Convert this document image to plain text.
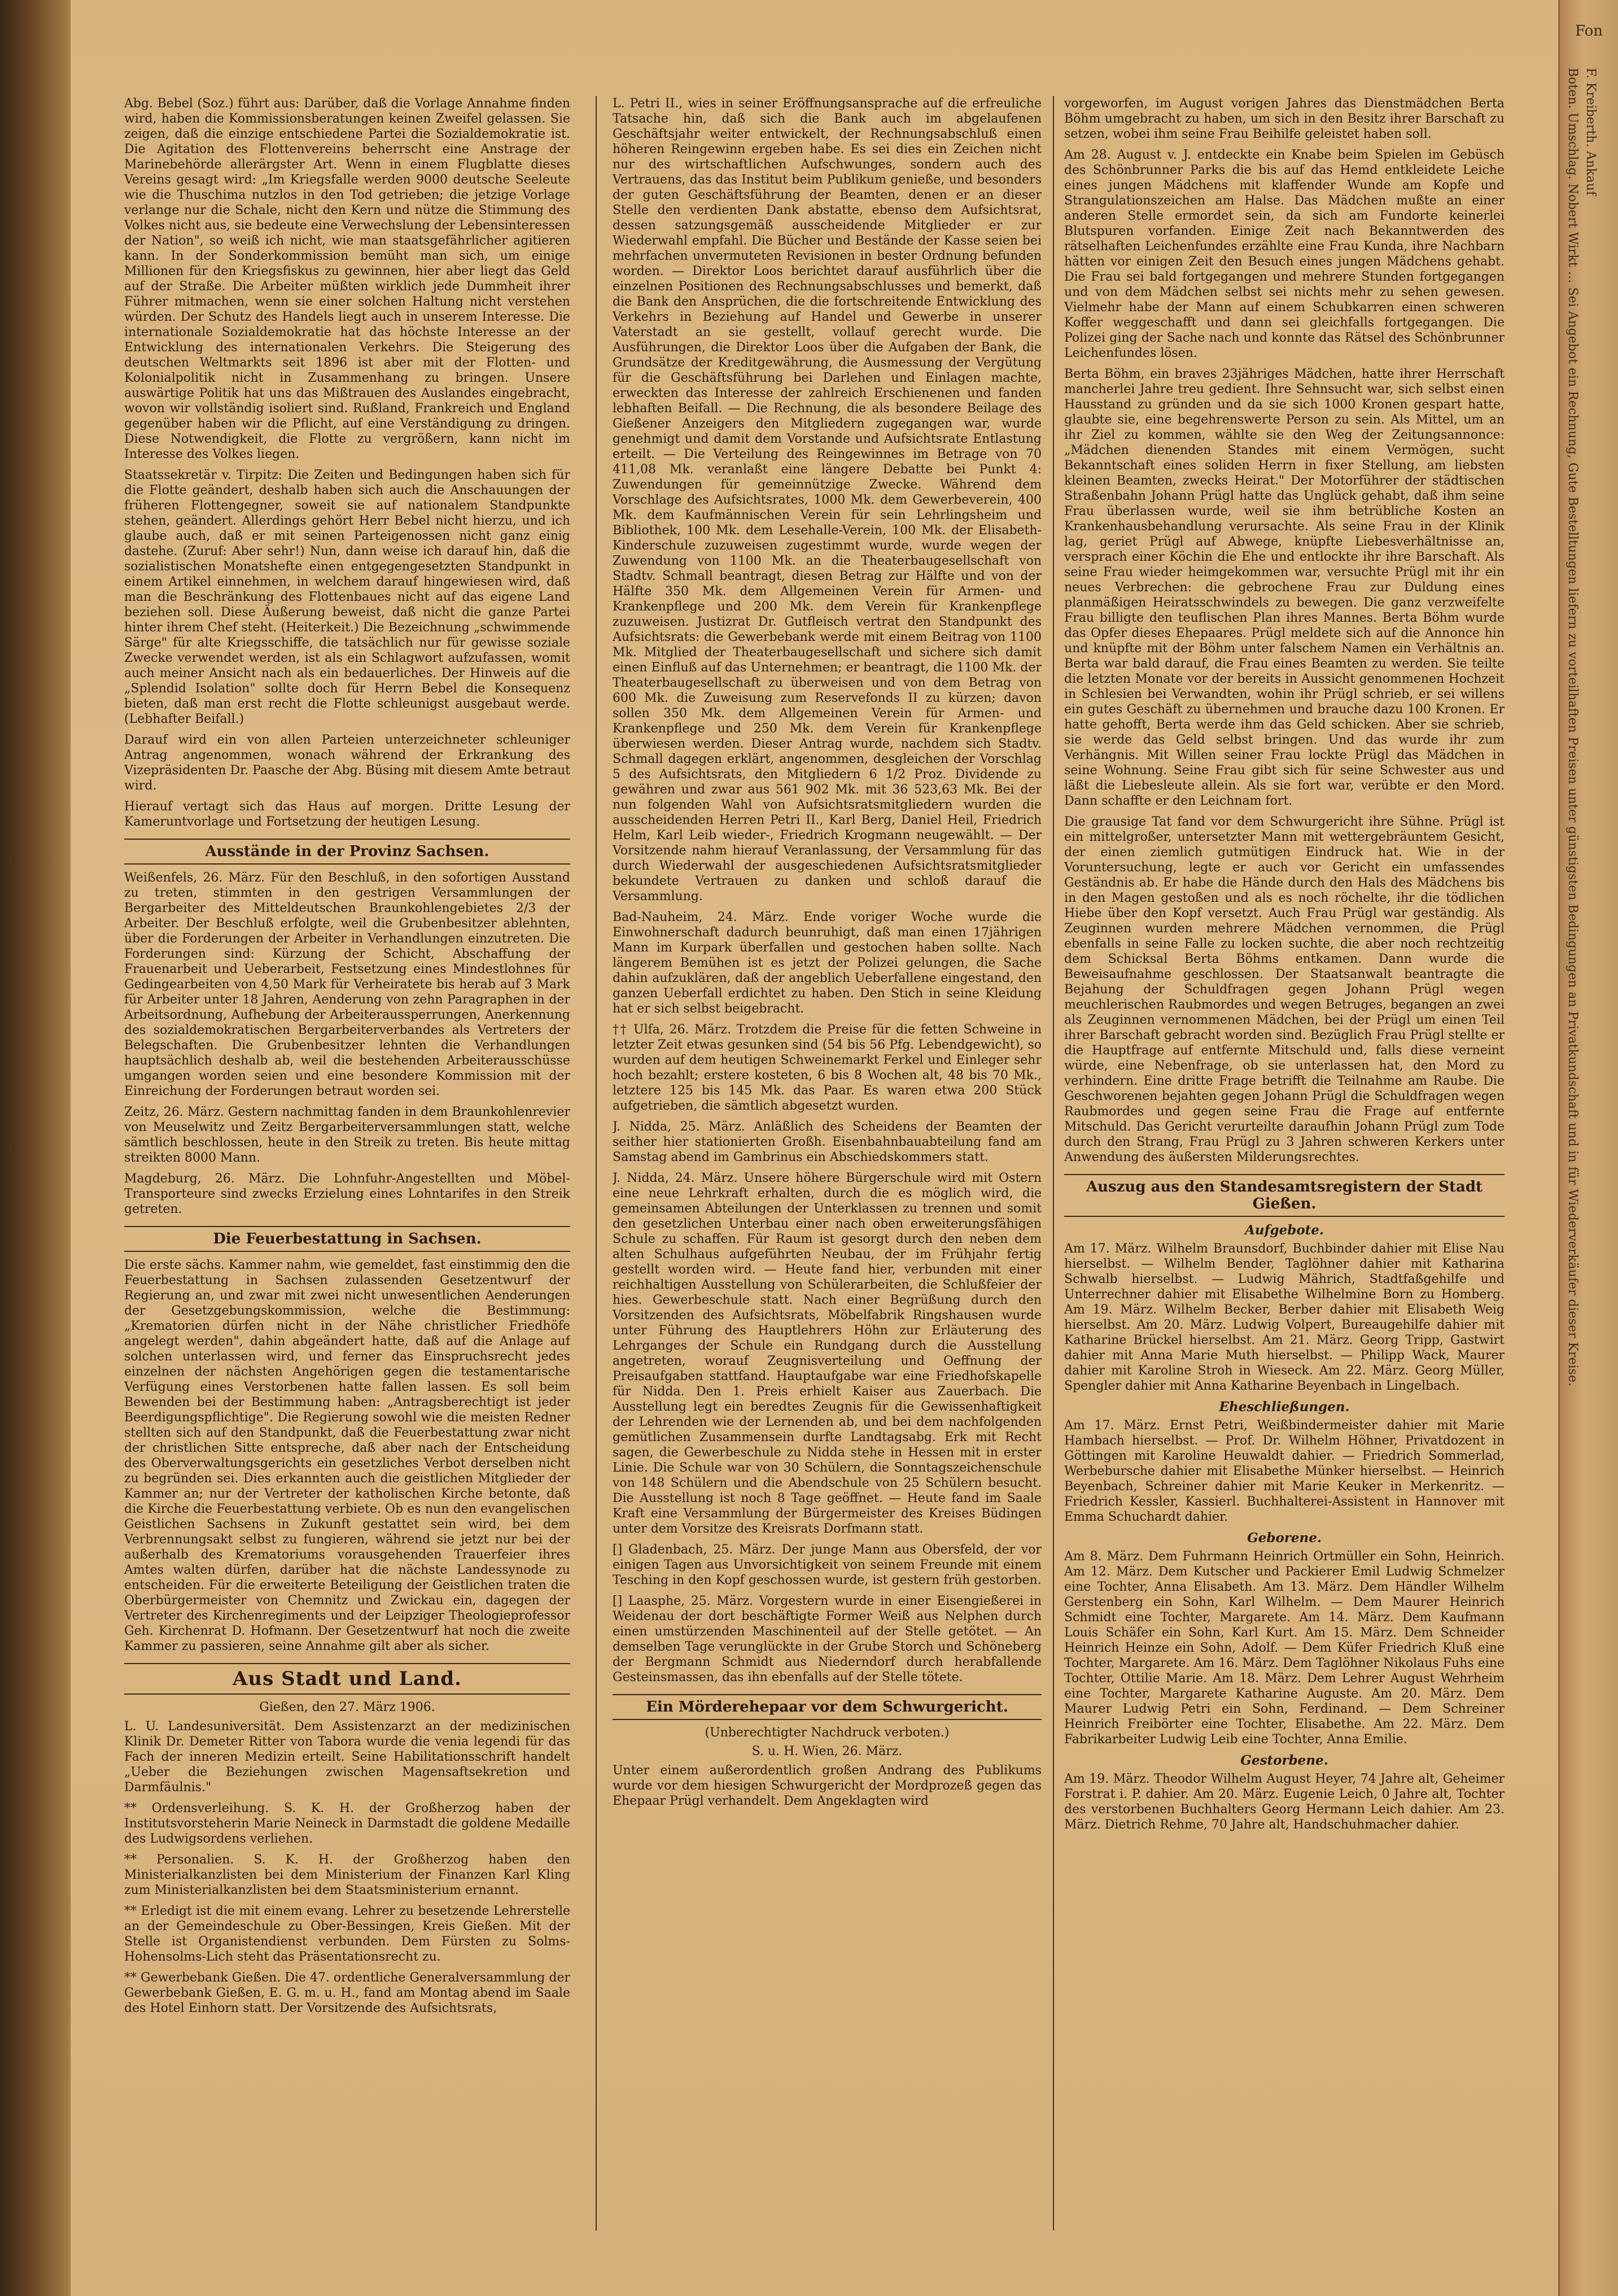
Boten. Umschlag. Nobert Wirkt … Sei Angebot ein Rechnung, Gute Bestelltungen liefern zu vorteilhaften Preisen unter günstigsten Bedingungen an Privatkundschaft und in für Wiederverkäufer dieser Kreise. F. Kreiberth. Ankauf
Fon

Abg. Bebel (Soz.) führt aus: Darüber, daß die Vorlage Annahme finden wird, haben die Kommissionsberatungen keinen Zweifel gelassen. Sie zeigen, daß die einzige entschiedene Partei die Sozialdemokratie ist. Die Agitation des Flottenvereins beherrscht eine Anstrage der Marinebehörde allerärgster Art. Wenn in einem Flugblatte dieses Vereins gesagt wird: „Im Kriegsfalle werden 9000 deutsche Seeleute wie die Thuschima nutzlos in den Tod getrieben; die jetzige Vorlage verlange nur die Schale, nicht den Kern und nütze die Stimmung des Volkes nicht aus, sie bedeute eine Verwechslung der Lebensinteressen der Nation", so weiß ich nicht, wie man staatsgefährlicher agitieren kann. In der Sonderkommission bemüht man sich, um einige Millionen für den Kriegsfiskus zu gewinnen, hier aber liegt das Geld auf der Straße. Die Arbeiter müßten wirklich jede Dummheit ihrer Führer mitmachen, wenn sie einer solchen Haltung nicht verstehen würden. Der Schutz des Handels liegt auch in unserem Interesse. Die internationale Sozialdemokratie hat das höchste Interesse an der Entwicklung des internationalen Verkehrs. Die Steigerung des deutschen Weltmarkts seit 1896 ist aber mit der Flotten- und Kolonialpolitik nicht in Zusammenhang zu bringen. Unsere auswärtige Politik hat uns das Mißtrauen des Auslandes eingebracht, wovon wir vollständig isoliert sind. Rußland, Frankreich und England gegenüber haben wir die Pflicht, auf eine Verständigung zu dringen. Diese Notwendigkeit, die Flotte zu vergrößern, kann nicht im Interesse des Volkes liegen.

Staatssekretär v. Tirpitz: Die Zeiten und Bedingungen haben sich für die Flotte geändert, deshalb haben sich auch die Anschauungen der früheren Flottengegner, soweit sie auf nationalem Standpunkte stehen, geändert. Allerdings gehört Herr Bebel nicht hierzu, und ich glaube auch, daß er mit seinen Parteigenossen nicht ganz einig dastehe. (Zuruf: Aber sehr!) Nun, dann weise ich darauf hin, daß die sozialistischen Monatshefte einen entgegengesetzten Standpunkt in einem Artikel einnehmen, in welchem darauf hingewiesen wird, daß man die Beschränkung des Flottenbaues nicht auf das eigene Land beziehen soll. Diese Äußerung beweist, daß nicht die ganze Partei hinter ihrem Chef steht. (Heiterkeit.) Die Bezeichnung „schwimmende Särge" für alte Kriegsschiffe, die tatsächlich nur für gewisse soziale Zwecke verwendet werden, ist als ein Schlagwort aufzufassen, womit auch meiner Ansicht nach als ein bedauerliches. Der Hinweis auf die „Splendid Isolation" sollte doch für Herrn Bebel die Konsequenz bieten, daß man erst recht die Flotte schleunigst ausgebaut werde. (Lebhafter Beifall.)

Darauf wird ein von allen Parteien unterzeichneter schleuniger Antrag angenommen, wonach während der Erkrankung des Vizepräsidenten Dr. Paasche der Abg. Büsing mit diesem Amte betraut wird.

Hierauf vertagt sich das Haus auf morgen. Dritte Lesung der Kameruntvorlage und Fortsetzung der heutigen Lesung.

Ausstände in der Provinz Sachsen.

Weißenfels, 26. März. Für den Beschluß, in den sofortigen Ausstand zu treten, stimmten in den gestrigen Versammlungen der Bergarbeiter des Mitteldeutschen Braunkohlengebietes 2/3 der Arbeiter. Der Beschluß erfolgte, weil die Grubenbesitzer ablehnten, über die Forderungen der Arbeiter in Verhandlungen einzutreten. Die Forderungen sind: Kürzung der Schicht, Abschaffung der Frauenarbeit und Ueberarbeit, Festsetzung eines Mindestlohnes für Gedingearbeiten von 4,50 Mark für Verheiratete bis herab auf 3 Mark für Arbeiter unter 18 Jahren, Aenderung von zehn Paragraphen in der Arbeitsordnung, Aufhebung der Arbeiteraussperrungen, Anerkennung des sozialdemokratischen Bergarbeiterverbandes als Vertreters der Belegschaften. Die Grubenbesitzer lehnten die Verhandlungen hauptsächlich deshalb ab, weil die bestehenden Arbeiterausschüsse umgangen worden seien und eine besondere Kommission mit der Einreichung der Forderungen betraut worden sei.

Zeitz, 26. März. Gestern nachmittag fanden in dem Braunkohlenrevier von Meuselwitz und Zeitz Bergarbeiterversammlungen statt, welche sämtlich beschlossen, heute in den Streik zu treten. Bis heute mittag streikten 8000 Mann.

Magdeburg, 26. März. Die Lohnfuhr-Angestellten und Möbel-Transporteure sind zwecks Erzielung eines Lohntarifes in den Streik getreten.

Die Feuerbestattung in Sachsen.

Die erste sächs. Kammer nahm, wie gemeldet, fast einstimmig den die Feuerbestattung in Sachsen zulassenden Gesetzentwurf der Regierung an, und zwar mit zwei nicht unwesentlichen Aenderungen der Gesetzgebungskommission, welche die Bestimmung: „Krematorien dürfen nicht in der Nähe christlicher Friedhöfe angelegt werden", dahin abgeändert hatte, daß auf die Anlage auf solchen unterlassen wird, und ferner das Einspruchsrecht jedes einzelnen der nächsten Angehörigen gegen die testamentarische Verfügung eines Verstorbenen hatte fallen lassen. Es soll beim Bewenden bei der Bestimmung haben: „Antragsberechtigt ist jeder Beerdigungspflichtige". Die Regierung sowohl wie die meisten Redner stellten sich auf den Standpunkt, daß die Feuerbestattung zwar nicht der christlichen Sitte entspreche, daß aber nach der Entscheidung des Oberverwaltungsgerichts ein gesetzliches Verbot derselben nicht zu begründen sei. Dies erkannten auch die geistlichen Mitglieder der Kammer an; nur der Vertreter der katholischen Kirche betonte, daß die Kirche die Feuerbestattung verbiete. Ob es nun den evangelischen Geistlichen Sachsens in Zukunft gestattet sein wird, bei dem Verbrennungsakt selbst zu fungieren, während sie jetzt nur bei der außerhalb des Krematoriums vorausgehenden Trauerfeier ihres Amtes walten dürfen, darüber hat die nächste Landessynode zu entscheiden. Für die erweiterte Beteiligung der Geistlichen traten die Oberbürgermeister von Chemnitz und Zwickau ein, dagegen der Vertreter des Kirchenregiments und der Leipziger Theologieprofessor Geh. Kirchenrat D. Hofmann. Der Gesetzentwurf hat noch die zweite Kammer zu passieren, seine Annahme gilt aber als sicher.

Aus Stadt und Land.
Gießen, den 27. März 1906.

L. U. Landesuniversität. Dem Assistenzarzt an der medizinischen Klinik Dr. Demeter Ritter von Tabora wurde die venia legendi für das Fach der inneren Medizin erteilt. Seine Habilitationsschrift handelt „Ueber die Beziehungen zwischen Magensaftsekretion und Darmfäulnis."

** Ordensverleihung. S. K. H. der Großherzog haben der Institutsvorsteherin Marie Neineck in Darmstadt die goldene Medaille des Ludwigsordens verliehen.

** Personalien. S. K. H. der Großherzog haben den Ministerialkanzlisten bei dem Ministerium der Finanzen Karl Kling zum Ministerialkanzlisten bei dem Staatsministerium ernannt.

** Erledigt ist die mit einem evang. Lehrer zu besetzende Lehrerstelle an der Gemeindeschule zu Ober-Bessingen, Kreis Gießen. Mit der Stelle ist Organistendienst verbunden. Dem Fürsten zu Solms-Hohensolms-Lich steht das Präsentationsrecht zu.

** Gewerbebank Gießen. Die 47. ordentliche Generalversammlung der Gewerbebank Gießen, E. G. m. u. H., fand am Montag abend im Saale des Hotel Einhorn statt. Der Vorsitzende des Aufsichtsrats,

L. Petri II., wies in seiner Eröffnungsansprache auf die erfreuliche Tatsache hin, daß sich die Bank auch im abgelaufenen Geschäftsjahr weiter entwickelt, der Rechnungsabschluß einen höheren Reingewinn ergeben habe. Es sei dies ein Zeichen nicht nur des wirtschaftlichen Aufschwunges, sondern auch des Vertrauens, das das Institut beim Publikum genieße, und besonders der guten Geschäftsführung der Beamten, denen er an dieser Stelle den verdienten Dank abstatte, ebenso dem Aufsichtsrat, dessen satzungsgemäß ausscheidende Mitglieder er zur Wiederwahl empfahl. Die Bücher und Bestände der Kasse seien bei mehrfachen unvermuteten Revisionen in bester Ordnung befunden worden. — Direktor Loos berichtet darauf ausführlich über die einzelnen Positionen des Rechnungsabschlusses und bemerkt, daß die Bank den Ansprüchen, die die fortschreitende Entwicklung des Verkehrs in Beziehung auf Handel und Gewerbe in unserer Vaterstadt an sie gestellt, vollauf gerecht wurde. Die Ausführungen, die Direktor Loos über die Aufgaben der Bank, die Grundsätze der Kreditgewährung, die Ausmessung der Vergütung für die Geschäftsführung bei Darlehen und Einlagen machte, erweckten das Interesse der zahlreich Erschienenen und fanden lebhaften Beifall. — Die Rechnung, die als besondere Beilage des Gießener Anzeigers den Mitgliedern zugegangen war, wurde genehmigt und damit dem Vorstande und Aufsichtsrate Entlastung erteilt. — Die Verteilung des Reingewinnes im Betrage von 70 411,08 Mk. veranlaßt eine längere Debatte bei Punkt 4: Zuwendungen für gemeinnützige Zwecke. Während dem Vorschlage des Aufsichtsrates, 1000 Mk. dem Gewerbeverein, 400 Mk. dem Kaufmännischen Verein für sein Lehrlingsheim und Bibliothek, 100 Mk. dem Lesehalle-Verein, 100 Mk. der Elisabeth-Kinderschule zuzuweisen zugestimmt wurde, wurde wegen der Zuwendung von 1100 Mk. an die Theaterbaugesellschaft von Stadtv. Schmall beantragt, diesen Betrag zur Hälfte und von der Hälfte 350 Mk. dem Allgemeinen Verein für Armen- und Krankenpflege und 200 Mk. dem Verein für Krankenpflege zuzuweisen. Justizrat Dr. Gutfleisch vertrat den Standpunkt des Aufsichtsrats: die Gewerbebank werde mit einem Beitrag von 1100 Mk. Mitglied der Theaterbaugesellschaft und sichere sich damit einen Einfluß auf das Unternehmen; er beantragt, die 1100 Mk. der Theaterbaugesellschaft zu überweisen und von dem Betrag von 600 Mk. die Zuweisung zum Reservefonds II zu kürzen; davon sollen 350 Mk. dem Allgemeinen Verein für Armen- und Krankenpflege und 250 Mk. dem Verein für Krankenpflege überwiesen werden. Dieser Antrag wurde, nachdem sich Stadtv. Schmall dagegen erklärt, angenommen, desgleichen der Vorschlag 5 des Aufsichtsrats, den Mitgliedern 6 1/2 Proz. Dividende zu gewähren und zwar aus 561 902 Mk. mit 36 523,63 Mk. Bei der nun folgenden Wahl von Aufsichtsratsmitgliedern wurden die ausscheidenden Herren Petri II., Karl Berg, Daniel Heil, Friedrich Helm, Karl Leib wieder-, Friedrich Krogmann neugewählt. — Der Vorsitzende nahm hierauf Veranlassung, der Versammlung für das durch Wiederwahl der ausgeschiedenen Aufsichtsratsmitglieder bekundete Vertrauen zu danken und schloß darauf die Versammlung.

Bad-Nauheim, 24. März. Ende voriger Woche wurde die Einwohnerschaft dadurch beunruhigt, daß man einen 17jährigen Mann im Kurpark überfallen und gestochen haben sollte. Nach längerem Bemühen ist es jetzt der Polizei gelungen, die Sache dahin aufzuklären, daß der angeblich Ueberfallene eingestand, den ganzen Ueberfall erdichtet zu haben. Den Stich in seine Kleidung hat er sich selbst beigebracht.

†† Ulfa, 26. März. Trotzdem die Preise für die fetten Schweine in letzter Zeit etwas gesunken sind (54 bis 56 Pfg. Lebendgewicht), so wurden auf dem heutigen Schweinemarkt Ferkel und Einleger sehr hoch bezahlt; erstere kosteten, 6 bis 8 Wochen alt, 48 bis 70 Mk., letztere 125 bis 145 Mk. das Paar. Es waren etwa 200 Stück aufgetrieben, die sämtlich abgesetzt wurden.

J. Nidda, 25. März. Anläßlich des Scheidens der Beamten der seither hier stationierten Großh. Eisenbahnbauabteilung fand am Samstag abend im Gambrinus ein Abschiedskommers statt.

J. Nidda, 24. März. Unsere höhere Bürgerschule wird mit Ostern eine neue Lehrkraft erhalten, durch die es möglich wird, die gemeinsamen Abteilungen der Unterklassen zu trennen und somit den gesetzlichen Unterbau einer nach oben erweiterungsfähigen Schule zu schaffen. Für Raum ist gesorgt durch den neben dem alten Schulhaus aufgeführten Neubau, der im Frühjahr fertig gestellt worden wird. — Heute fand hier, verbunden mit einer reichhaltigen Ausstellung von Schülerarbeiten, die Schlußfeier der hies. Gewerbeschule statt. Nach einer Begrüßung durch den Vorsitzenden des Aufsichtsrats, Möbelfabrik Ringshausen wurde unter Führung des Hauptlehrers Höhn zur Erläuterung des Lehrganges der Schule ein Rundgang durch die Ausstellung angetreten, worauf Zeugnisverteilung und Oeffnung der Preisaufgaben stattfand. Hauptaufgabe war eine Friedhofskapelle für Nidda. Den 1. Preis erhielt Kaiser aus Zauerbach. Die Ausstellung legt ein beredtes Zeugnis für die Gewissenhaftigkeit der Lehrenden wie der Lernenden ab, und bei dem nachfolgenden gemütlichen Zusammensein durfte Landtagsabg. Erk mit Recht sagen, die Gewerbeschule zu Nidda stehe in Hessen mit in erster Linie. Die Schule war von 30 Schülern, die Sonntagszeichenschule von 148 Schülern und die Abendschule von 25 Schülern besucht. Die Ausstellung ist noch 8 Tage geöffnet. — Heute fand im Saale Kraft eine Versammlung der Bürgermeister des Kreises Büdingen unter dem Vorsitze des Kreisrats Dorfmann statt.

[] Gladenbach, 25. März. Der junge Mann aus Obersfeld, der vor einigen Tagen aus Unvorsichtigkeit von seinem Freunde mit einem Tesching in den Kopf geschossen wurde, ist gestern früh gestorben.

[] Laasphe, 25. März. Vorgestern wurde in einer Eisengießerei in Weidenau der dort beschäftigte Former Weiß aus Nelphen durch einen umstürzenden Maschinenteil auf der Stelle getötet. — An demselben Tage verunglückte in der Grube Storch und Schöneberg der Bergmann Schmidt aus Niederndorf durch herabfallende Gesteinsmassen, das ihn ebenfalls auf der Stelle tötete.

Ein Mörderehepaar vor dem Schwurgericht.
(Unberechtigter Nachdruck verboten.)
S. u. H. Wien, 26. März.

Unter einem außerordentlich großen Andrang des Publikums wurde vor dem hiesigen Schwurgericht der Mordprozeß gegen das Ehepaar Prügl verhandelt. Dem Angeklagten wird

vorgeworfen, im August vorigen Jahres das Dienstmädchen Berta Böhm umgebracht zu haben, um sich in den Besitz ihrer Barschaft zu setzen, wobei ihm seine Frau Beihilfe geleistet haben soll.

Am 28. August v. J. entdeckte ein Knabe beim Spielen im Gebüsch des Schönbrunner Parks die bis auf das Hemd entkleidete Leiche eines jungen Mädchens mit klaffender Wunde am Kopfe und Strangulationszeichen am Halse. Das Mädchen mußte an einer anderen Stelle ermordet sein, da sich am Fundorte keinerlei Blutspuren vorfanden. Einige Zeit nach Bekanntwerden des rätselhaften Leichenfundes erzählte eine Frau Kunda, ihre Nachbarn hätten vor einigen Zeit den Besuch eines jungen Mädchens gehabt. Die Frau sei bald fortgegangen und mehrere Stunden fortgegangen und von dem Mädchen selbst sei nichts mehr zu sehen gewesen. Vielmehr habe der Mann auf einem Schubkarren einen schweren Koffer weggeschafft und dann sei gleichfalls fortgegangen. Die Polizei ging der Sache nach und konnte das Rätsel des Schönbrunner Leichenfundes lösen.

Berta Böhm, ein braves 23jähriges Mädchen, hatte ihrer Herrschaft mancherlei Jahre treu gedient. Ihre Sehnsucht war, sich selbst einen Hausstand zu gründen und da sie sich 1000 Kronen gespart hatte, glaubte sie, eine begehrenswerte Person zu sein. Als Mittel, um an ihr Ziel zu kommen, wählte sie den Weg der Zeitungsannonce: „Mädchen dienenden Standes mit einem Vermögen, sucht Bekanntschaft eines soliden Herrn in fixer Stellung, am liebsten kleinen Beamten, zwecks Heirat." Der Motorführer der städtischen Straßenbahn Johann Prügl hatte das Unglück gehabt, daß ihm seine Frau überlassen wurde, weil sie ihm betrübliche Kosten an Krankenhausbehandlung verursachte. Als seine Frau in der Klinik lag, geriet Prügl auf Abwege, knüpfte Liebesverhältnisse an, versprach einer Köchin die Ehe und entlockte ihr ihre Barschaft. Als seine Frau wieder heimgekommen war, versuchte Prügl mit ihr ein neues Verbrechen: die gebrochene Frau zur Duldung eines planmäßigen Heiratsschwindels zu bewegen. Die ganz verzweifelte Frau billigte den teuflischen Plan ihres Mannes. Berta Böhm wurde das Opfer dieses Ehepaares. Prügl meldete sich auf die Annonce hin und knüpfte mit der Böhm unter falschem Namen ein Verhältnis an. Berta war bald darauf, die Frau eines Beamten zu werden. Sie teilte die letzten Monate vor der bereits in Aussicht genommenen Hochzeit in Schlesien bei Verwandten, wohin ihr Prügl schrieb, er sei willens ein gutes Geschäft zu übernehmen und brauche dazu 100 Kronen. Er hatte gehofft, Berta werde ihm das Geld schicken. Aber sie schrieb, sie werde das Geld selbst bringen. Und das wurde ihr zum Verhängnis. Mit Willen seiner Frau lockte Prügl das Mädchen in seine Wohnung. Seine Frau gibt sich für seine Schwester aus und läßt die Liebesleute allein. Als sie fort war, verübte er den Mord. Dann schaffte er den Leichnam fort.

Die grausige Tat fand vor dem Schwurgericht ihre Sühne. Prügl ist ein mittelgroßer, untersetzter Mann mit wettergebräuntem Gesicht, der einen ziemlich gutmütigen Eindruck hat. Wie in der Voruntersuchung, legte er auch vor Gericht ein umfassendes Geständnis ab. Er habe die Hände durch den Hals des Mädchens bis in den Magen gestoßen und als es noch röchelte, ihr die tödlichen Hiebe über den Kopf versetzt. Auch Frau Prügl war geständig. Als Zeuginnen wurden mehrere Mädchen vernommen, die Prügl ebenfalls in seine Falle zu locken suchte, die aber noch rechtzeitig dem Schicksal Berta Böhms entkamen. Dann wurde die Beweisaufnahme geschlossen. Der Staatsanwalt beantragte die Bejahung der Schuldfragen gegen Johann Prügl wegen meuchlerischen Raubmordes und wegen Betruges, begangen an zwei als Zeuginnen vernommenen Mädchen, bei der Prügl um einen Teil ihrer Barschaft gebracht worden sind. Bezüglich Frau Prügl stellte er die Hauptfrage auf entfernte Mitschuld und, falls diese verneint würde, eine Nebenfrage, ob sie unterlassen hat, den Mord zu verhindern. Eine dritte Frage betrifft die Teilnahme am Raube. Die Geschworenen bejahten gegen Johann Prügl die Schuldfragen wegen Raubmordes und gegen seine Frau die Frage auf entfernte Mitschuld. Das Gericht verurteilte daraufhin Johann Prügl zum Tode durch den Strang, Frau Prügl zu 3 Jahren schweren Kerkers unter Anwendung des äußersten Milderungsrechtes.

Auszug aus den Standesamtsregistern der Stadt Gießen.
Aufgebote.

Am 17. März. Wilhelm Braunsdorf, Buchbinder dahier mit Elise Nau hierselbst. — Wilhelm Bender, Taglöhner dahier mit Katharina Schwalb hierselbst. — Ludwig Mährich, Stadtfaßgehilfe und Unterrechner dahier mit Elisabethe Wilhelmine Born zu Homberg. Am 19. März. Wilhelm Becker, Berber dahier mit Elisabeth Weig hierselbst. Am 20. März. Ludwig Volpert, Bureaugehilfe dahier mit Katharine Brückel hierselbst. Am 21. März. Georg Tripp, Gastwirt dahier mit Anna Marie Muth hierselbst. — Philipp Wack, Maurer dahier mit Karoline Stroh in Wieseck. Am 22. März. Georg Müller, Spengler dahier mit Anna Katharine Beyenbach in Lingelbach.

Eheschließungen.

Am 17. März. Ernst Petri, Weißbindermeister dahier mit Marie Hambach hierselbst. — Prof. Dr. Wilhelm Höhner, Privatdozent in Göttingen mit Karoline Heuwaldt dahier. — Friedrich Sommerlad, Werbebursche dahier mit Elisabethe Münker hierselbst. — Heinrich Beyenbach, Schreiner dahier mit Marie Keuker in Merkenritz. — Friedrich Kessler, Kassierl. Buchhalterei-Assistent in Hannover mit Emma Schuchardt dahier.

Geborene.

Am 8. März. Dem Fuhrmann Heinrich Ortmüller ein Sohn, Heinrich. Am 12. März. Dem Kutscher und Packierer Emil Ludwig Schmelzer eine Tochter, Anna Elisabeth. Am 13. März. Dem Händler Wilhelm Gerstenberg ein Sohn, Karl Wilhelm. — Dem Maurer Heinrich Schmidt eine Tochter, Margarete. Am 14. März. Dem Kaufmann Louis Schäfer ein Sohn, Karl Kurt. Am 15. März. Dem Schneider Heinrich Heinze ein Sohn, Adolf. — Dem Küfer Friedrich Kluß eine Tochter, Margarete. Am 16. März. Dem Taglöhner Nikolaus Fuhs eine Tochter, Ottilie Marie. Am 18. März. Dem Lehrer August Wehrheim eine Tochter, Margarete Katharine Auguste. Am 20. März. Dem Maurer Ludwig Petri ein Sohn, Ferdinand. — Dem Schreiner Heinrich Freibörter eine Tochter, Elisabethe. Am 22. März. Dem Fabrikarbeiter Ludwig Leib eine Tochter, Anna Emilie.

Gestorbene.

Am 19. März. Theodor Wilhelm August Heyer, 74 Jahre alt, Geheimer Forstrat i. P. dahier. Am 20. März. Eugenie Leich, 0 Jahre alt, Tochter des verstorbenen Buchhalters Georg Hermann Leich dahier. Am 23. März. Dietrich Rehme, 70 Jahre alt, Handschuhmacher dahier.
